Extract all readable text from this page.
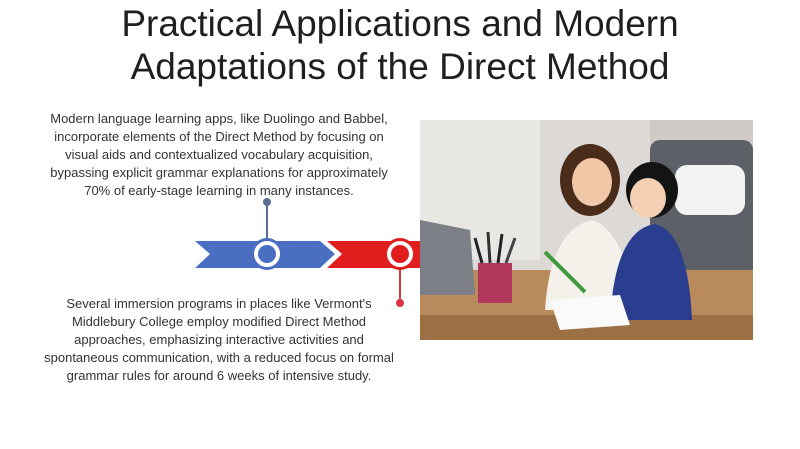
Practical Applications and Modern
Adaptations of the Direct Method
Modern language learning apps, like Duolingo and Babbel, incorporate elements of the Direct Method by focusing on visual aids and contextualized vocabulary acquisition, bypassing explicit grammar explanations for approximately 70% of early-stage learning in many instances.
Several immersion programs in places like Vermont's Middlebury College employ modified Direct Method approaches, emphasizing interactive activities and spontaneous communication, with a reduced focus on formal grammar rules for around 6 weeks of intensive study.
